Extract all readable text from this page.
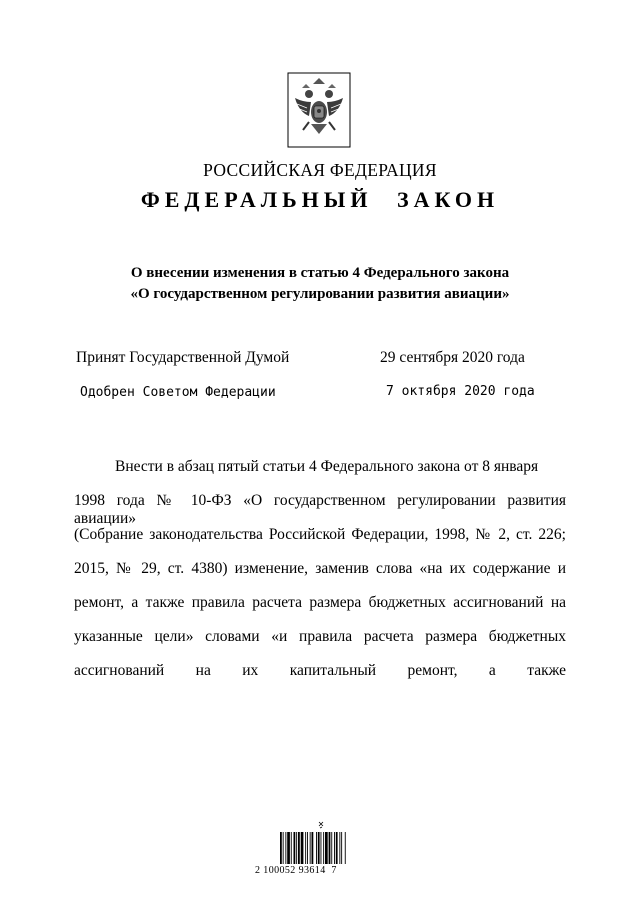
РОССИЙСКАЯ ФЕДЕРАЦИЯ
ФЕДЕРАЛЬНЫЙ ЗАКОН
О внесении изменения в статью 4 Федерального закона
«О государственном регулировании развития авиации»
Принят Государственной Думой	29 сентября 2020 года
Одобрен Советом Федерации	7 октября 2020 года
Внести в абзац пятый статьи 4 Федерального закона от 8 января
1998 года № 10-ФЗ «О государственном регулировании развития авиации»
(Собрание законодательства Российской Федерации, 1998, № 2, ст. 226;
2015, № 29, ст. 4380) изменение, заменив слова «на их содержание и
ремонт, а также правила расчета размера бюджетных ассигнований на
указанные цели» словами «и правила расчета размера бюджетных
ассигнований на их капитальный ремонт, а также
2 100052 93614  7
